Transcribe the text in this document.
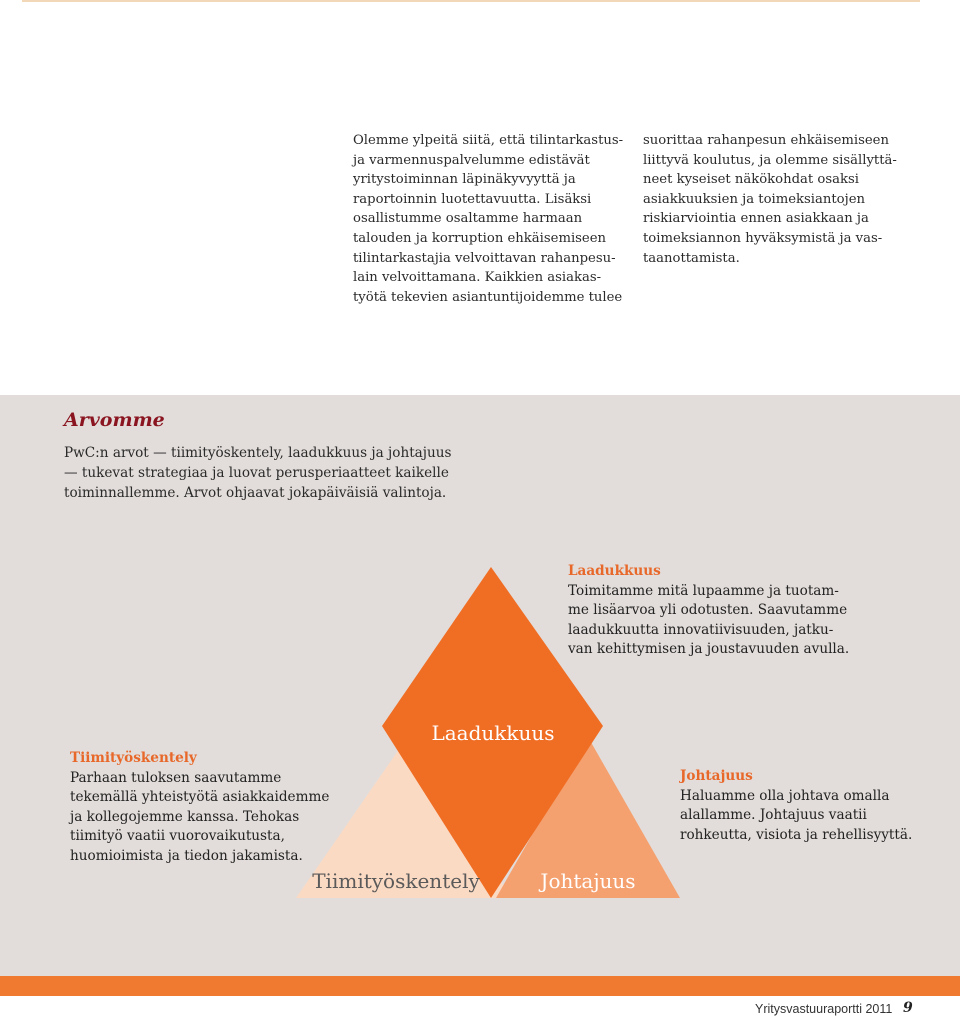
Olemme ylpeitä siitä, että tilintarkastus-
ja varmennuspalvelumme edistävät
yritystoiminnan läpinäkyvyyttä ja
raportoinnin luotettavuutta. Lisäksi
osallistumme osaltamme harmaan
talouden ja korruption ehkäisemiseen
tilintarkastajia velvoittavan rahanpesu-
lain velvoittamana. Kaikkien asiakas-
työtä tekevien asiantuntijoidemme tulee
suorittaa rahanpesun ehkäisemiseen
liittyvä koulutus, ja olemme sisällyttä-
neet kyseiset näkökohdat osaksi
asiakkuuksien ja toimeksiantojen
riskiarviointia ennen asiakkaan ja
toimeksiannon hyväksymistä ja vas-
taanottamista.
Arvomme
PwC:n arvot — tiimityöskentely, laadukkuus ja johtajuus
— tukevat strategiaa ja luovat perusperiaatteet kaikelle
toiminnallemme. Arvot ohjaavat jokapäiväisiä valintoja.
Laadukkuus
Tiimityöskentely	Johtajuus
Laadukkuus
Toimitamme mitä lupaamme ja tuotam-
me lisäarvoa yli odotusten. Saavutamme
laadukkuutta innovatiivisuuden, jatku-
van kehittymisen ja joustavuuden avulla.
Tiimityöskentely
Parhaan tuloksen saavutamme
tekemällä yhteistyötä asiakkaidemme
ja kollegojemme kanssa. Tehokas
tiimityö vaatii vuorovaikutusta,
huomioimista ja tiedon jakamista.
Johtajuus
Haluamme olla johtava omalla
alallamme. Johtajuus vaatii
rohkeutta, visiota ja rehellisyyttä.
Yritysvastuuraportti 2011 9
